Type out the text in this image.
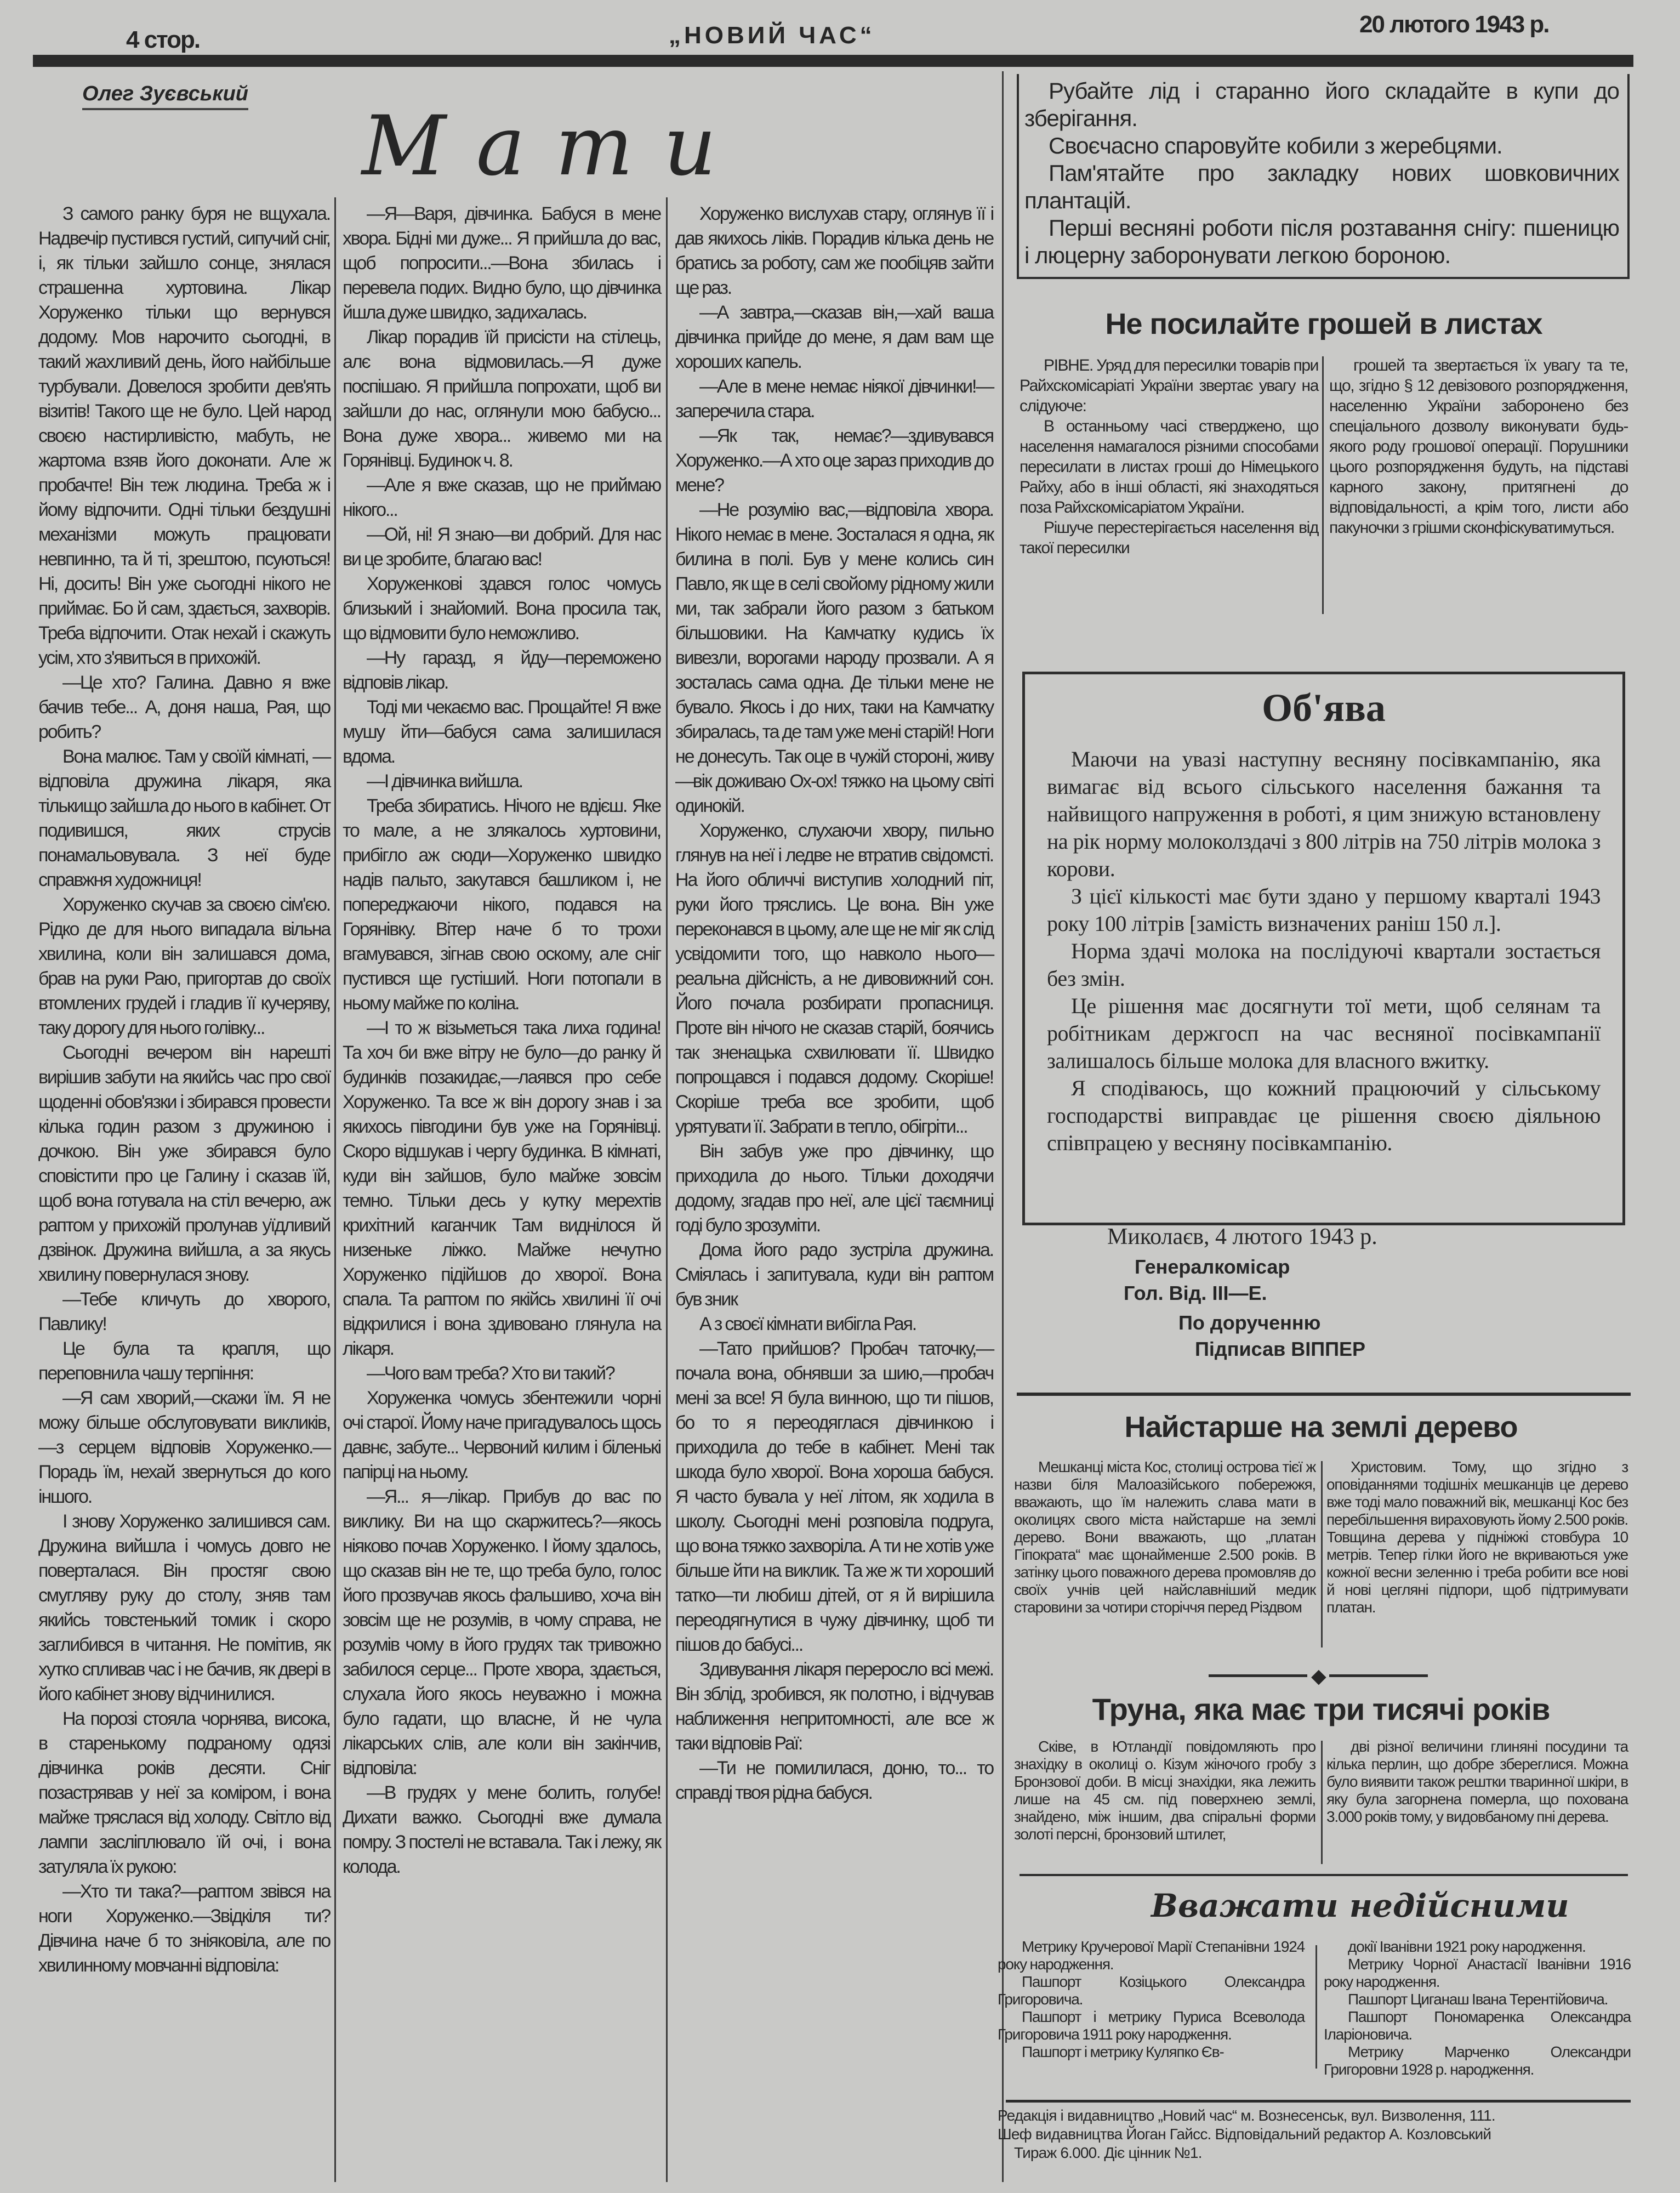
4 стор.	„НОВИЙ ЧАС“	20 лютого 1943 р.
Олег Зуєвський
Мати

З самого ранку буря не вщухала. Надвечір пустився густий, сипучий сніг, і, як тільки зайшло сонце, знялася страшенна хуртовина. Лікар Хоруженко тільки що вернувся додому. Мов нарочито сьогодні, в такий жахливий день, його найбільше турбували. Довелося зробити дев'ять візитів! Такого ще не було. Цей народ своєю настирливістю, мабуть, не жартома взяв його доконати. Але ж пробачте! Він теж людина. Треба ж і йому відпочити. Одні тільки бездушні механізми можуть працювати невпинно, та й ті, зрештою, псуються! Ні, досить! Він уже сьогодні нікого не приймає. Бо й сам, здається, захворів. Треба відпочити. Отак нехай і скажуть усім, хто з'явиться в прихожій.

—Це хто? Галина. Давно я вже бачив тебе... А, доня наша, Рая, що робить?

Вона малює. Там у своїй кімнаті, —відповіла дружина лікаря, яка тількищо зайшла до нього в кабінет. От подивишся, яких струсів понамальовувала. З неї буде справжня художниця!

Хоруженко скучав за своєю сім'єю. Рідко де для нього випадала вільна хвилина, коли він залишався дома, брав на руки Раю, пригортав до своїх втомлених грудей і гладив її кучеряву, таку дорогу для нього голівку...

Сьогодні вечером він нарешті вирішив забути на якийсь час про свої щоденні обов'язки і збирався провести кілька годин разом з дружиною і дочкою. Він уже збирався було сповістити про це Галину і сказав їй, щоб вона готувала на стіл вечерю, аж раптом у прихожій пролунав уїдливий дзвінок. Дружина вийшла, а за якусь хвилину повернулася знову.

—Тебе кличуть до хворого, Павлику!

Це була та крапля, що переповнила чашу терпіння:

—Я сам хворий,—скажи їм. Я не можу більше обслуговувати викликів,—з серцем відповів Хоруженко.—Порадь їм, нехай звернуться до кого іншого.

І знову Хоруженко залишився сам. Дружина вийшла і чомусь довго не поверталася. Він простяг свою смугляву руку до столу, зняв там якийсь товстенький томик і скоро заглибився в читання. Не помітив, як хутко спливав час і не бачив, як двері в його кабінет знову відчинилися.

На порозі стояла чорнява, висока, в старенькому подраному одязі дівчинка років десяти. Сніг позастрявав у неї за коміром, і вона майже тряслася від холоду. Світло від лампи засліплювало їй очі, і вона затуляла їх рукою:

—Хто ти така?—раптом звівся на ноги Хоруженко.—Звідкіля ти? Дівчина наче б то зніяковіла, але по хвилинному мовчанні відповіла:

—Я—Варя, дівчинка. Бабуся в мене хвора. Бідні ми дуже... Я прийшла до вас, щоб попросити...—Вона збилась і перевела подих. Видно було, що дівчинка йшла дуже швидко, задихалась.

Лікар порадив їй присісти на стілець, алє вона відмовилась.—Я дуже поспішаю. Я прийшла попрохати, щоб ви зайшли до нас, оглянули мою бабусю... Вона дуже хвора... живемо ми на Горянівці. Будинок ч. 8.

—Але я вже сказав, що не приймаю нікого...

—Ой, ні! Я знаю—ви добрий. Для нас ви це зробите, благаю вас!

Хоруженкові здався голос чомусь близький і знайомий. Вона просила так, що відмовити було неможливо.

—Ну гаразд, я йду—переможено відповів лікар.

Тоді ми чекаємо вас. Прощайте! Я вже мушу йти—бабуся сама залишилася вдома.

—І дівчинка вийшла.

Треба збиратись. Нічого не вдієш. Яке то мале, а не злякалось хуртовини, прибігло аж сюди—Хоруженко швидко надів пальто, закутався башликом і, не попереджаючи нікого, подався на Горянівку. Вітер наче б то трохи вгамувався, зігнав свою оскому, але сніг пустився ще густіший. Ноги потопали в ньому майже по коліна.

—І то ж візьметься така лиха година! Та хоч би вже вітру не було—до ранку й будинків позакидає,—лаявся про себе Хоруженко. Та все ж він дорогу знав і за якихось півгодини був уже на Горянівці. Скоро відшукав і чергу будинка. В кімнаті, куди він зайшов, було майже зовсім темно. Тільки десь у кутку мерехтів крихітний каганчик Там виднілося й низеньке ліжко. Майже нечутно Хоруженко підійшов до хворої. Вона спала. Та раптом по якійсь хвилині її очі відкрилися і вона здивовано глянула на лікаря.

—Чого вам треба? Хто ви такий?

Хоруженка чомусь збентежили чорні очі старої. Йому наче пригадувалось щось давнє, забуте... Червоний килим і біленькі папірці на ньому.

—Я... я—лікар. Прибув до вас по виклику. Ви на що скаржитесь?—якось ніяково почав Хоруженко. І йому здалось, що сказав він не те, що треба було, голос його прозвучав якось фальшиво, хоча він зовсім ще не розумів, в чому справа, не розумів чому в його грудях так тривожно забилося серце... Проте хвора, здається, слухала його якось неуважно і можна було гадати, що власне, й не чула лікарських слів, але коли він закінчив, відповіла:

—В грудях у мене болить, голубе! Дихати важко. Сьогодні вже думала помру. З постелі не вставала. Так і лежу, як колода.

Хоруженко вислухав стару, оглянув її і дав якихось ліків. Порадив кілька день не братись за роботу, сам же пообіцяв зайти ще раз.

—А завтра,—сказав він,—хай ваша дівчинка прийде до мене, я дам вам ще хороших капель.

—Але в мене немає ніякої дівчинки!—заперечила стара.

—Як так, немає?—здивувався Хоруженко.—А хто оце зараз приходив до мене?

—Не розумію вас,—відповіла хвора. Нікого немає в мене. Зосталася я одна, як билина в полі. Був у мене колись син Павло, як ще в селі свойому рідному жили ми, так забрали його разом з батьком більшовики. На Камчатку кудись їх вивезли, ворогами народу прозвали. А я зосталась сама одна. Де тільки мене не бувало. Якось і до них, таки на Камчатку збиралась, та де там уже мені старій! Ноги не донесуть. Так оце в чужій стороні, живу—вік доживаю Ох-ох! тяжко на цьому світі одинокій.

Хоруженко, слухаючи хвору, пильно глянув на неї і ледве не втратив свідомсті. На його обличчі виступив холодний піт, руки його тряслись. Це вона. Він уже переконався в цьому, але ще не міг як слід усвідомити того, що навколо нього—реальна дійсність, а не дивовижний сон. Його почала розбирати пропасниця. Проте він нічого не сказав старій, боячись так зненацька схвилювати її. Швидко попрощався і подався додому. Скоріше! Скоріше треба все зробити, щоб урятувати її. Забрати в тепло, обігріти...

Він забув уже про дівчинку, що приходила до нього. Тільки доходячи додому, згадав про неї, але цієї таємниці годі було зрозуміти.

Дома його радо зустріла дружина. Сміялась і запитувала, куди він раптом був зник

А з своєї кімнати вибігла Рая.

—Тато прийшов? Пробач таточку,—почала вона, обнявши за шию,—пробач мені за все! Я була винною, що ти пішов, бо то я переодяглася дівчинкою і приходила до тебе в кабінет. Мені так шкода було хворої. Вона хороша бабуся. Я часто бувала у неї літом, як ходила в школу. Сьогодні мені розповіла подруга, що вона тяжко захворіла. А ти не хотів уже більше йти на виклик. Та же ж ти хороший татко—ти любиш дітей, от я й вирішила переодягнутися в чужу дівчинку, щоб ти пішов до бабусі...

Здивування лікаря переросло всі межі. Він зблід, зробився, як полотно, і відчував наближення непритомності, але все ж таки відповів Раї:

—Ти не помилилася, доню, то... то справді твоя рідна бабуся.

Рубайте лід і старанно його складайте в купи до зберігання.

Своєчасно спаровуйте кобили з жеребцями.

Пам'ятайте про закладку нових шовковичних плантацій.

Перші весняні роботи після розтавання снігу: пшеницю і люцерну заборонувати легкою бороною.

Не посилайте грошей в листах

РІВНЕ. Уряд для пересилки товарів при Райхскомісаріаті України звертає увагу на слідуюче:

В останньому часі стверджено, що населення намагалося різними способами пересилати в листах гроші до Німецького Райху, або в інші області, які знаходяться поза Райхскомісаріатом України.

Рішуче перестерігається населення від такої пересилки

грошей та звертається їх увагу та те, що, згідно § 12 девізового розпорядження, населенню України заборонено без спеціального дозволу виконувати будь-якого роду грошової операції. Порушники цього розпорядження будуть, на підставі карного закону, притягнені до відповідальності, а крім того, листи або пакуночки з грішми сконфіскуватимуться.

Об'ява

Маючи на увазі наступну весняну посівкампанію, яка вимагає від всього сільського населення бажання та найвищого напруження в роботі, я цим знижую встановлену на рік норму молоколздачі з 800 літрів на 750 літрів молока з корови.

З цієї кількості має бути здано у першому кварталі 1943 року 100 літрів [замість визначених раніш 150 л.].

Норма здачі молока на послідуючі квартали зостається без змін.

Це рішення має досягнути тої мети, щоб селянам та робітникам держгосп на час весняної посівкампанії залишалось більше молока для власного вжитку.

Я сподіваюсь, що кожний працюючий у сільському господарстві виправдає це рішення своєю діяльною співпрацею у весняну посівкампанію.

Миколаєв, 4 лютого 1943 р.
Генералкомісар
Гол. Від. III—Е.
По дорученню
Підписав ВІППЕР
Найстарше на землі дерево

Мешканці міста Кос, столиці острова тієї ж назви біля Малоазійського побережжя, вважають, що їм належить слава мати в околицях свого міста найстарше на землі дерево. Вони вважають, що „платан Гіпократа“ має щонайменше 2.500 років. В затінку цього поважного дерева промовляв до своїх учнів цей найславніший медик старовини за чотири сторіччя перед Різдвом

Христовим. Тому, що згідно з оповіданнями тодішніх мешканців це дерево вже тоді мало поважний вік, мешканці Кос без перебільшення вираховують йому 2.500 років. Товщина дерева у підніжжі стовбура 10 метрів. Тепер гілки його не вкриваються уже кожної весни зеленню і треба робити все нові й нові цегляні підпори, щоб підтримувати платан.

◆
Труна, яка має три тисячі років

Сківе, в Ютландії повідомляють про знахідку в околиці о. Кізум жіночого гробу з Бронзової доби. В місці знахідки, яка лежить лише на 45 см. під поверхнею землі, знайдено, між іншим, два спіральні форми золоті персні, бронзовий штилет,

дві різної величини глиняні посудини та кілька перлин, що добре збереглися. Можна було виявити також рештки тваринної шкіри, в яку була загорнена померла, що похована 3.000 років тому, у видовбаному пні дерева.

Вважати недійсними

Метрику Кручерової Марії Степанівни 1924 року народження.

Пашпорт Козіцького Олександра Григоровича.

Пашпорт і метрику Пуриса Всеволода Григоровича 1911 року народження.

Пашпорт і метрику Куляпко Єв-

докії Іванівни 1921 року народження.

Метрику Чорної Анастасії Іванівни 1916 року народження.

Пашпорт Циганаш Івана Терентійовича.

Пашпорт Пономаренка Олександра Іларіоновича.

Метрику Марченко Олександри Григоровни 1928 р. народження.

Редакція і видавництво „Новий час“ м. Вознесенськ, вул. Визволення, 111.
Шеф видавництва Йоган Гайсс. Відповідальний редактор А. Козловський
Тираж 6.000. Діє цінник №1.
